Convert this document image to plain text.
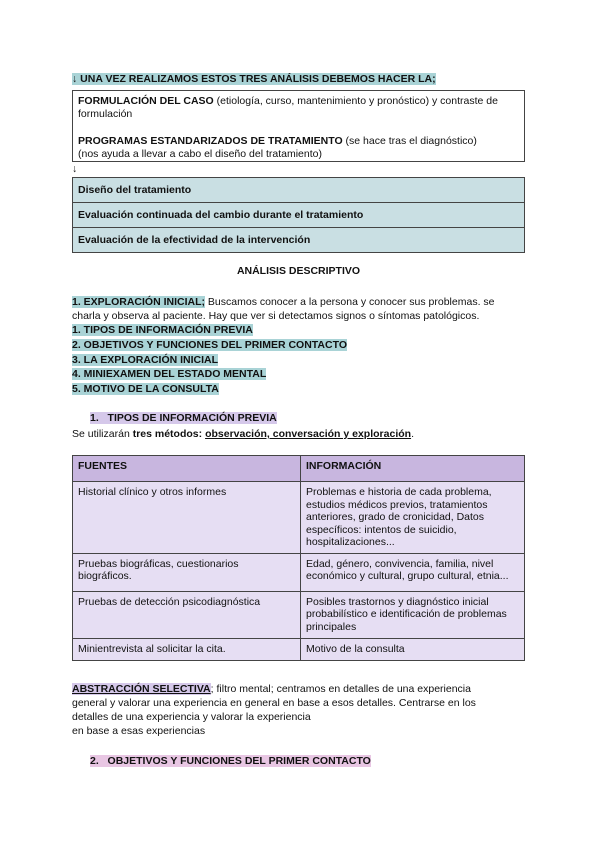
↓ UNA VEZ REALIZAMOS ESTOS TRES ANÁLISIS DEBEMOS HACER LA;

FORMULACIÓN DEL CASO (etiología, curso, mantenimiento y pronóstico) y contraste de

formulación

PROGRAMAS ESTANDARIZADOS DE TRATAMIENTO (se hace tras el diagnóstico)

(nos ayuda a llevar a cabo el diseño del tratamiento)

↓
Diseño del tratamiento
Evaluación continuada del cambio durante el tratamiento
Evaluación de la efectividad de la intervención
ANÁLISIS DESCRIPTIVO
1. EXPLORACIÓN INICIAL; Buscamos conocer a la persona y conocer sus problemas. se
charla y observa al paciente. Hay que ver si detectamos signos o síntomas patológicos.
1. TIPOS DE INFORMACIÓN PREVIA
2. OBJETIVOS Y FUNCIONES DEL PRIMER CONTACTO
3. LA EXPLORACIÓN INICIAL
4. MINIEXAMEN DEL ESTADO MENTAL
5. MOTIVO DE LA CONSULTA
1. TIPOS DE INFORMACIÓN PREVIA
Se utilizarán tres métodos: observación, conversación y exploración.
FUENTES	INFORMACIÓN
Historial clínico y otros informes	Problemas e historia de cada problema, estudios médicos previos, tratamientos anteriores, grado de cronicidad, Datos específicos: intentos de suicidio, hospitalizaciones...
Pruebas biográficas, cuestionarios biográficos.	Edad, género, convivencia, familia, nivel económico y cultural, grupo cultural, etnia...
Pruebas de detección psicodiagnóstica	Posibles trastornos y diagnóstico inicial probabilístico e identificación de problemas principales
Minientrevista al solicitar la cita.	Motivo de la consulta
ABSTRACCIÓN SELECTIVA; filtro mental; centramos en detalles de una experiencia
general y valorar una experiencia en general en base a esos detalles. Centrarse en los
detalles de una experiencia y valorar la experiencia
en base a esas experiencias
2. OBJETIVOS Y FUNCIONES DEL PRIMER CONTACTO
